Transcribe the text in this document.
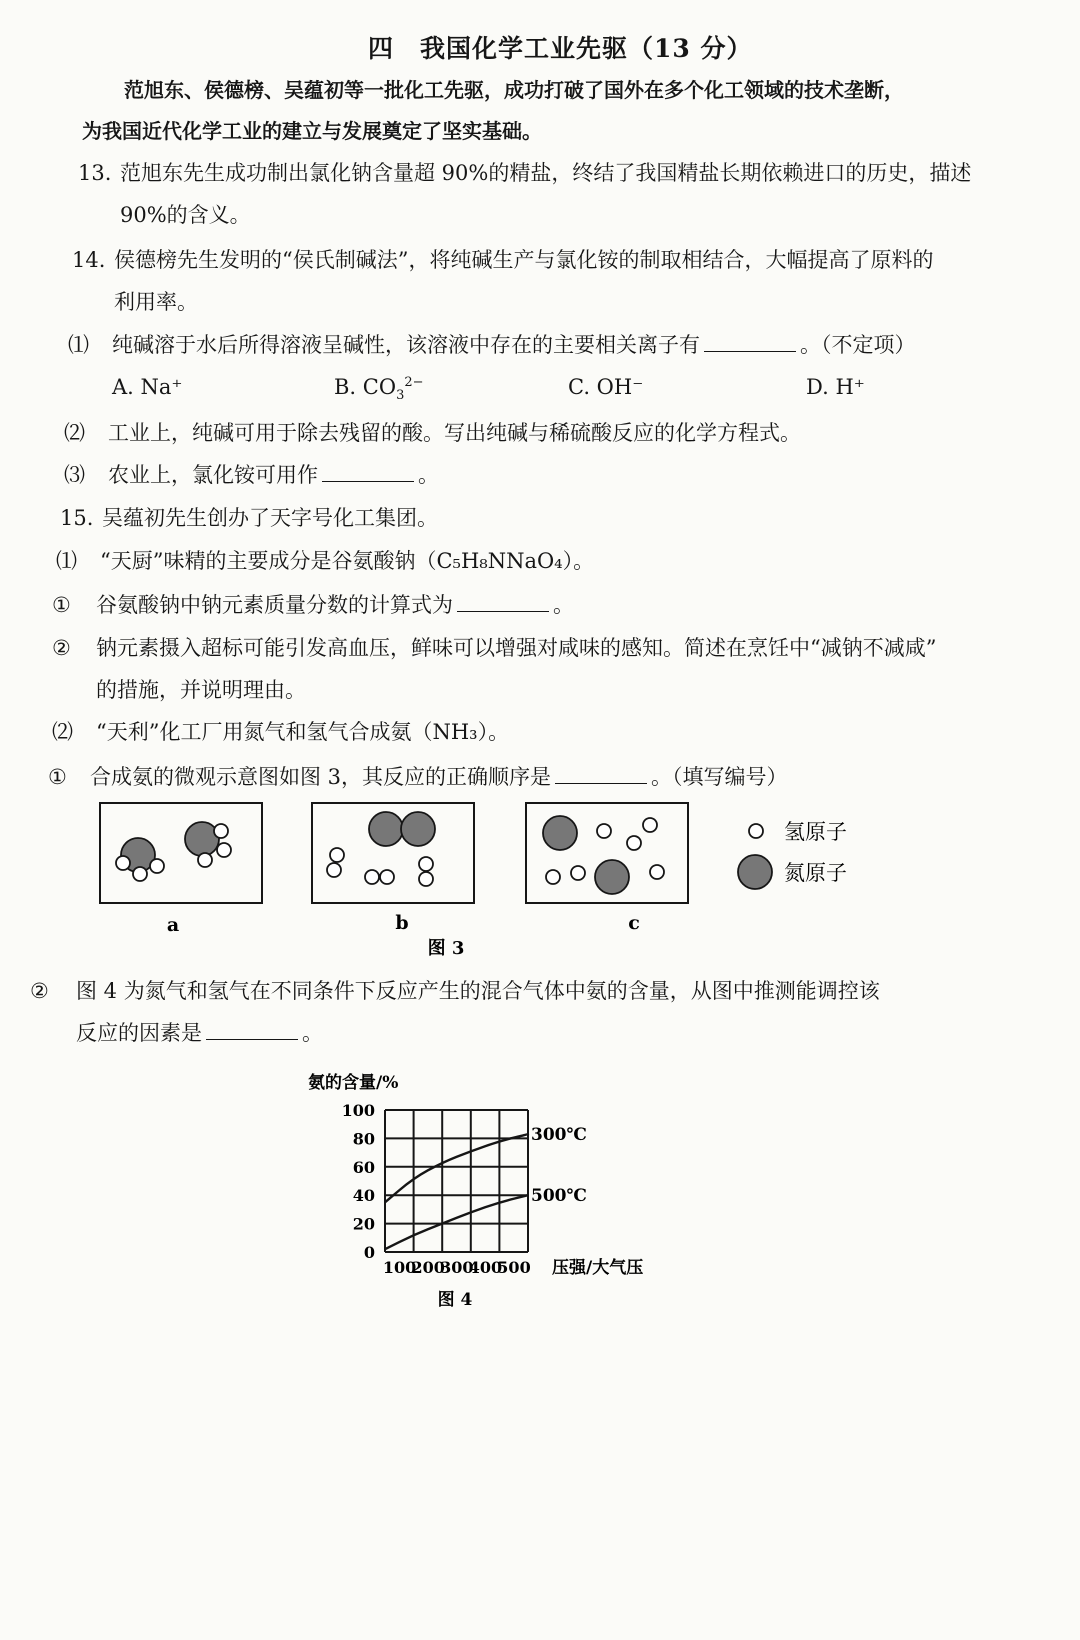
四　我国化学工业先驱（13 分）
范旭东、侯德榜、吴蕴初等一批化工先驱，成功打破了国外在多个化工领域的技术垄断，
为我国近代化学工业的建立与发展奠定了坚实基础。
13. 范旭东先生成功制出氯化钠含量超 90%的精盐，终结了我国精盐长期依赖进口的历史，描述
90%的含义。
14. 侯德榜先生发明的“侯氏制碱法”，将纯碱生产与氯化铵的制取相结合，大幅提高了原料的
利用率。
⑴ 纯碱溶于水后所得溶液呈碱性，该溶液中存在的主要相关离子有	。（不定项）
A. Na⁺	B. $CO_3^{2-}$	C. OH⁻	D. H⁺
⑵ 工业上，纯碱可用于除去残留的酸。写出纯碱与稀硫酸反应的化学方程式。
⑶ 农业上，氯化铵可用作	。
15. 吴蕴初先生创办了天字号化工集团。
⑴ “天厨”味精的主要成分是谷氨酸钠（C₅H₈NNaO₄）。
① 谷氨酸钠中钠元素质量分数的计算式为	。
② 钠元素摄入超标可能引发高血压，鲜味可以增强对咸味的感知。简述在烹饪中“减钠不减咸”
的措施，并说明理由。
⑵ “天利”化工厂用氮气和氢气合成氨（NH₃）。
① 合成氨的微观示意图如图 3，其反应的正确顺序是	。（填写编号）
氢原子
氮原子
a	b	c
图 3
② 图 4 为氮气和氢气在不同条件下反应产生的混合气体中氨的含量，从图中推测能调控该
反应的因素是	。
氨的含量/%
0
20
40
60
80
100
100
200
300
400
500
300℃
500℃
压强/大气压
图 4
